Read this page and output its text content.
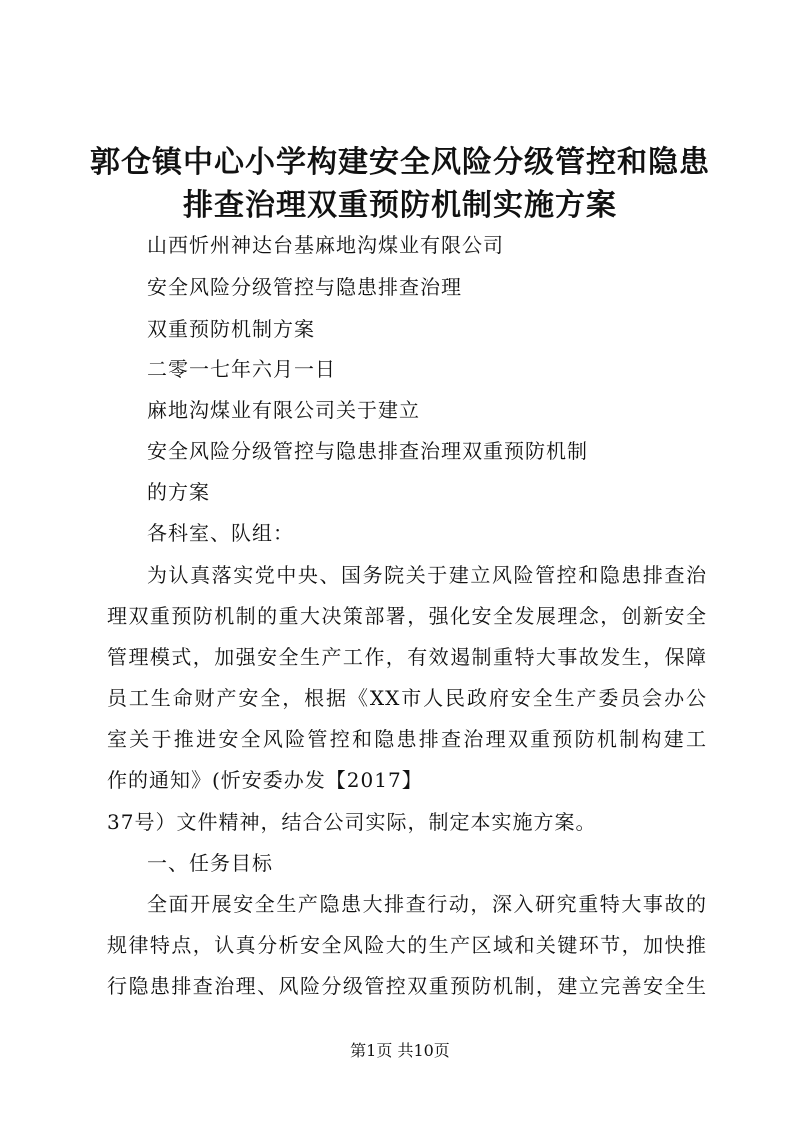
郭仓镇中心小学构建安全风险分级管控和隐患
排查治理双重预防机制实施方案
山西忻州神达台基麻地沟煤业有限公司
安全风险分级管控与隐患排查治理
双重预防机制方案
二零一七年六月一日
麻地沟煤业有限公司关于建立
安全风险分级管控与隐患排查治理双重预防机制
的方案
各科室、队组：
为认真落实党中央、国务院关于建立风险管控和隐患排查治
理双重预防机制的重大决策部署，强化安全发展理念，创新安全
管理模式，加强安全生产工作，有效遏制重特大事故发生，保障
员工生命财产安全，根据《XX市人民政府安全生产委员会办公
室关于推进安全风险管控和隐患排查治理双重预防机制构建工
作的通知》(忻安委办发【2017】
37号）文件精神，结合公司实际，制定本实施方案。
一、任务目标
全面开展安全生产隐患大排查行动，深入研究重特大事故的
规律特点，认真分析安全风险大的生产区域和关键环节，加快推
行隐患排查治理、风险分级管控双重预防机制，建立完善安全生
第1页 共10页
